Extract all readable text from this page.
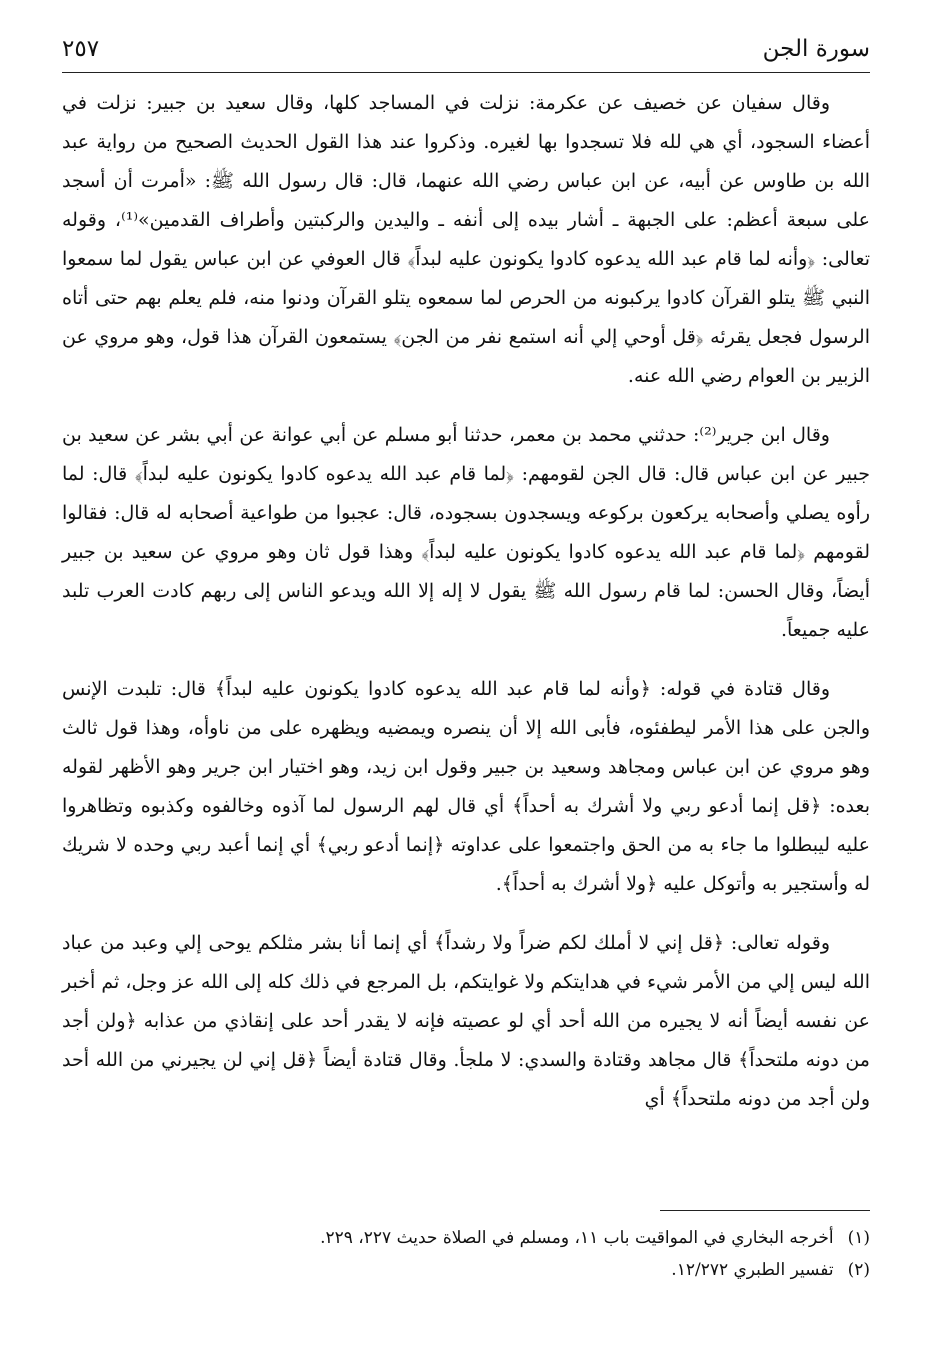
سورة الجن
٢٥٧

وقال سفيان عن خصيف عن عكرمة: نزلت في المساجد كلها، وقال سعيد بن جبير: نزلت في أعضاء السجود، أي هي لله فلا تسجدوا بها لغيره. وذكروا عند هذا القول الحديث الصحيح من رواية عبد الله بن طاوس عن أبيه، عن ابن عباس رضي الله عنهما، قال: قال رسول الله ﷺ: «أمرت أن أسجد على سبعة أعظم: على الجبهة ـ أشار بيده إلى أنفه ـ واليدين والركبتين وأطراف القدمين»⁽¹⁾، وقوله تعالى: ﴿وأنه لما قام عبد الله يدعوه كادوا يكونون عليه لبداً﴾ قال العوفي عن ابن عباس يقول لما سمعوا النبي ﷺ يتلو القرآن كادوا يركبونه من الحرص لما سمعوه يتلو القرآن ودنوا منه، فلم يعلم بهم حتى أتاه الرسول فجعل يقرئه ﴿قل أوحي إلي أنه استمع نفر من الجن﴾ يستمعون القرآن هذا قول، وهو مروي عن الزبير بن العوام رضي الله عنه.

وقال ابن جرير⁽²⁾: حدثني محمد بن معمر، حدثنا أبو مسلم عن أبي عوانة عن أبي بشر عن سعيد بن جبير عن ابن عباس قال: قال الجن لقومهم: ﴿لما قام عبد الله يدعوه كادوا يكونون عليه لبداً﴾ قال: لما رأوه يصلي وأصحابه يركعون بركوعه ويسجدون بسجوده، قال: عجبوا من طواعية أصحابه له قال: فقالوا لقومهم ﴿لما قام عبد الله يدعوه كادوا يكونون عليه لبداً﴾ وهذا قول ثان وهو مروي عن سعيد بن جبير أيضاً، وقال الحسن: لما قام رسول الله ﷺ يقول لا إله إلا الله ويدعو الناس إلى ربهم كادت العرب تلبد عليه جميعاً.

وقال قتادة في قوله: ﴿وأنه لما قام عبد الله يدعوه كادوا يكونون عليه لبداً﴾ قال: تلبدت الإنس والجن على هذا الأمر ليطفئوه، فأبى الله إلا أن ينصره ويمضيه ويظهره على من ناوأه، وهذا قول ثالث وهو مروي عن ابن عباس ومجاهد وسعيد بن جبير وقول ابن زيد، وهو اختيار ابن جرير وهو الأظهر لقوله بعده: ﴿قل إنما أدعو ربي ولا أشرك به أحداً﴾ أي قال لهم الرسول لما آذوه وخالفوه وكذبوه وتظاهروا عليه ليبطلوا ما جاء به من الحق واجتمعوا على عداوته ﴿إنما أدعو ربي﴾ أي إنما أعبد ربي وحده لا شريك له وأستجير به وأتوكل عليه ﴿ولا أشرك به أحداً﴾.

وقوله تعالى: ﴿قل إني لا أملك لكم ضراً ولا رشداً﴾ أي إنما أنا بشر مثلكم يوحى إلي وعبد من عباد الله ليس إلي من الأمر شيء في هدايتكم ولا غوايتكم، بل المرجع في ذلك كله إلى الله عز وجل، ثم أخبر عن نفسه أيضاً أنه لا يجيره من الله أحد أي لو عصيته فإنه لا يقدر أحد على إنقاذي من عذابه ﴿ولن أجد من دونه ملتحداً﴾ قال مجاهد وقتادة والسدي: لا ملجأ. وقال قتادة أيضاً ﴿قل إني لن يجيرني من الله أحد ولن أجد من دونه ملتحداً﴾ أي

(١)أخرجه البخاري في المواقيت باب ١١، ومسلم في الصلاة حديث ٢٢٧، ٢٢٩.
(٢)تفسير الطبري ١٢/٢٧٢.
